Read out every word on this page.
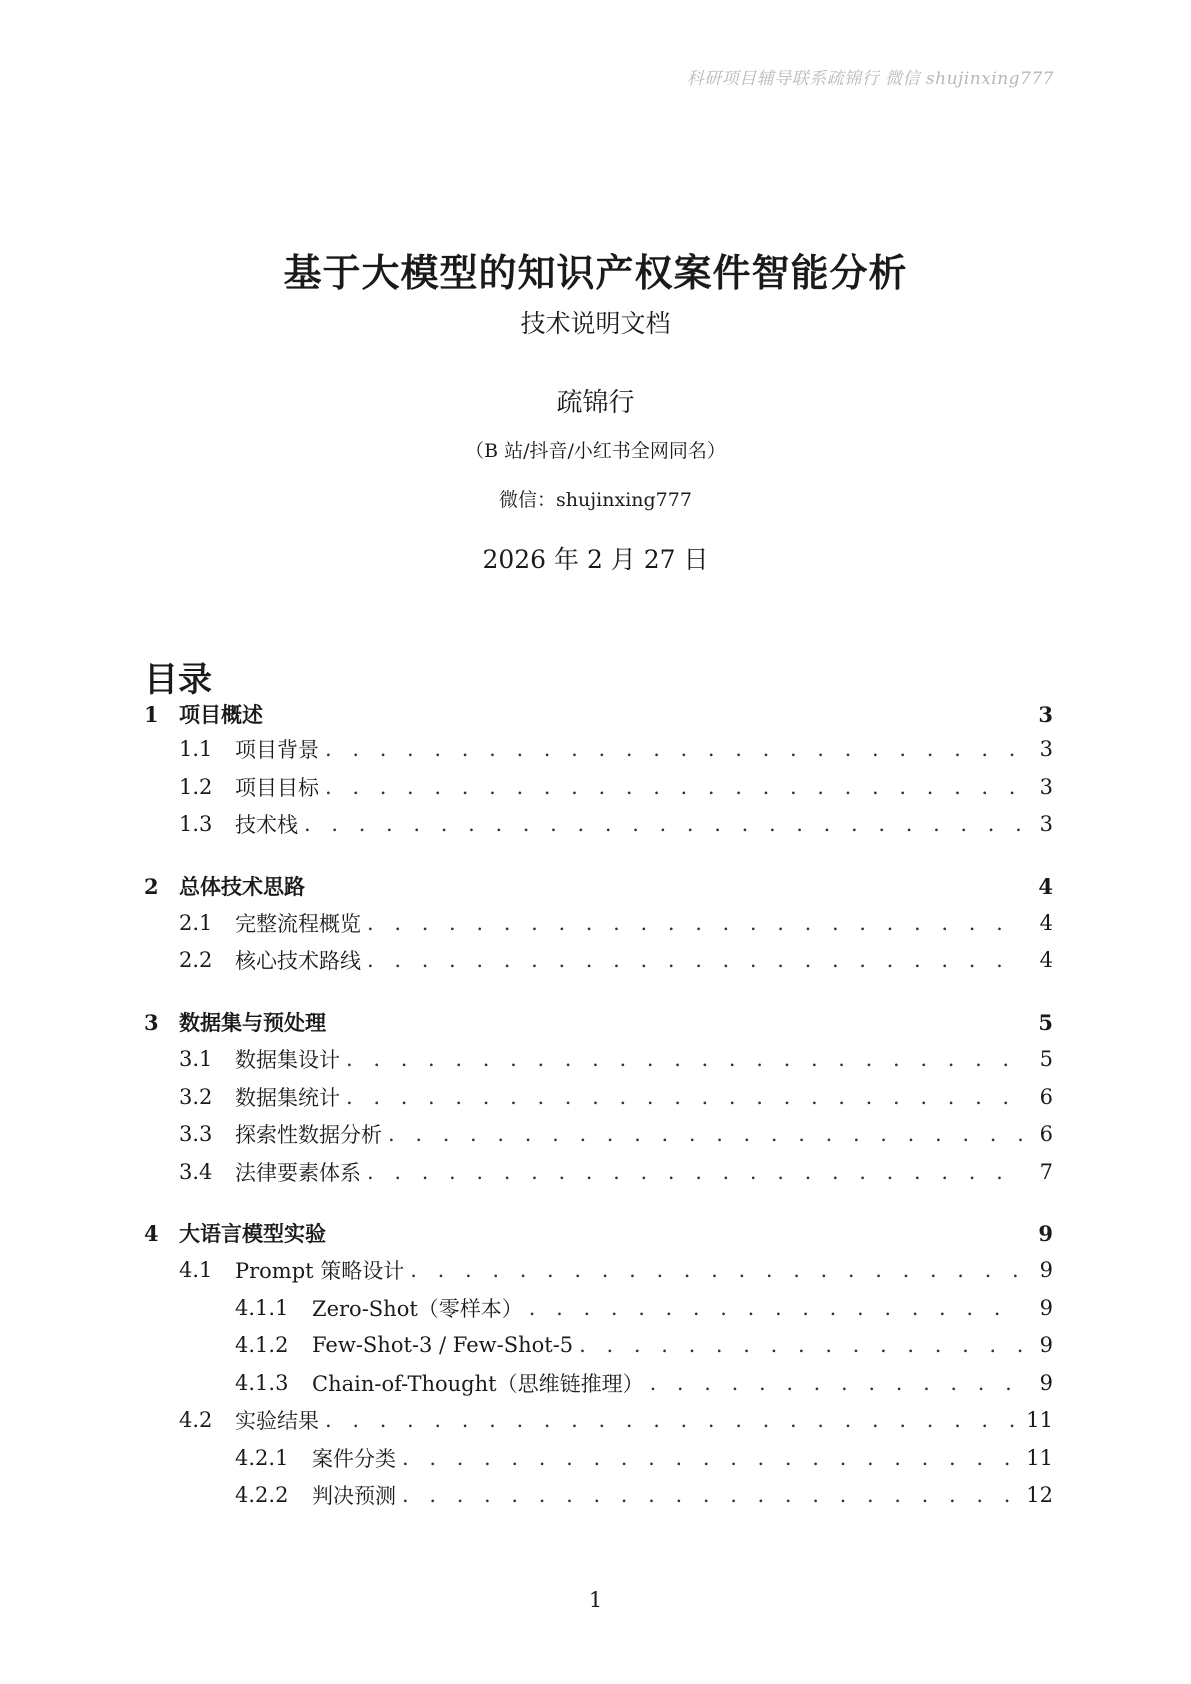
科研项目辅导联系疏锦行 微信 shujinxing777
基于大模型的知识产权案件智能分析
技术说明文档
疏锦行
（B 站/抖音/小红书全网同名）
微信：shujinxing777
2026 年 2 月 27 日
目录
1 项目概述	3
1.1	项目背景 . . .	3
1.2	项目目标 . . .	3
1.3	技术栈 . . .	3
2 总体技术思路	4
2.1	完整流程概览 . . .	4
2.2	核心技术路线 . . .	4
3 数据集与预处理	5
3.1	数据集设计 . . .	5
3.2	数据集统计 . . .	6
3.3	探索性数据分析 . . .	6
3.4	法律要素体系 . . .	7
4 大语言模型实验	9
4.1	Prompt 策略设计 . . .	9
4.1.1	Zero-Shot（零样本） . . .	9
4.1.2	Few-Shot-3 / Few-Shot-5 . . .	9
4.1.3	Chain-of-Thought（思维链推理） . . .	9
4.2	实验结果 . . .	11
4.2.1	案件分类 . . .	11
4.2.2	判决预测 . . .	12
1
